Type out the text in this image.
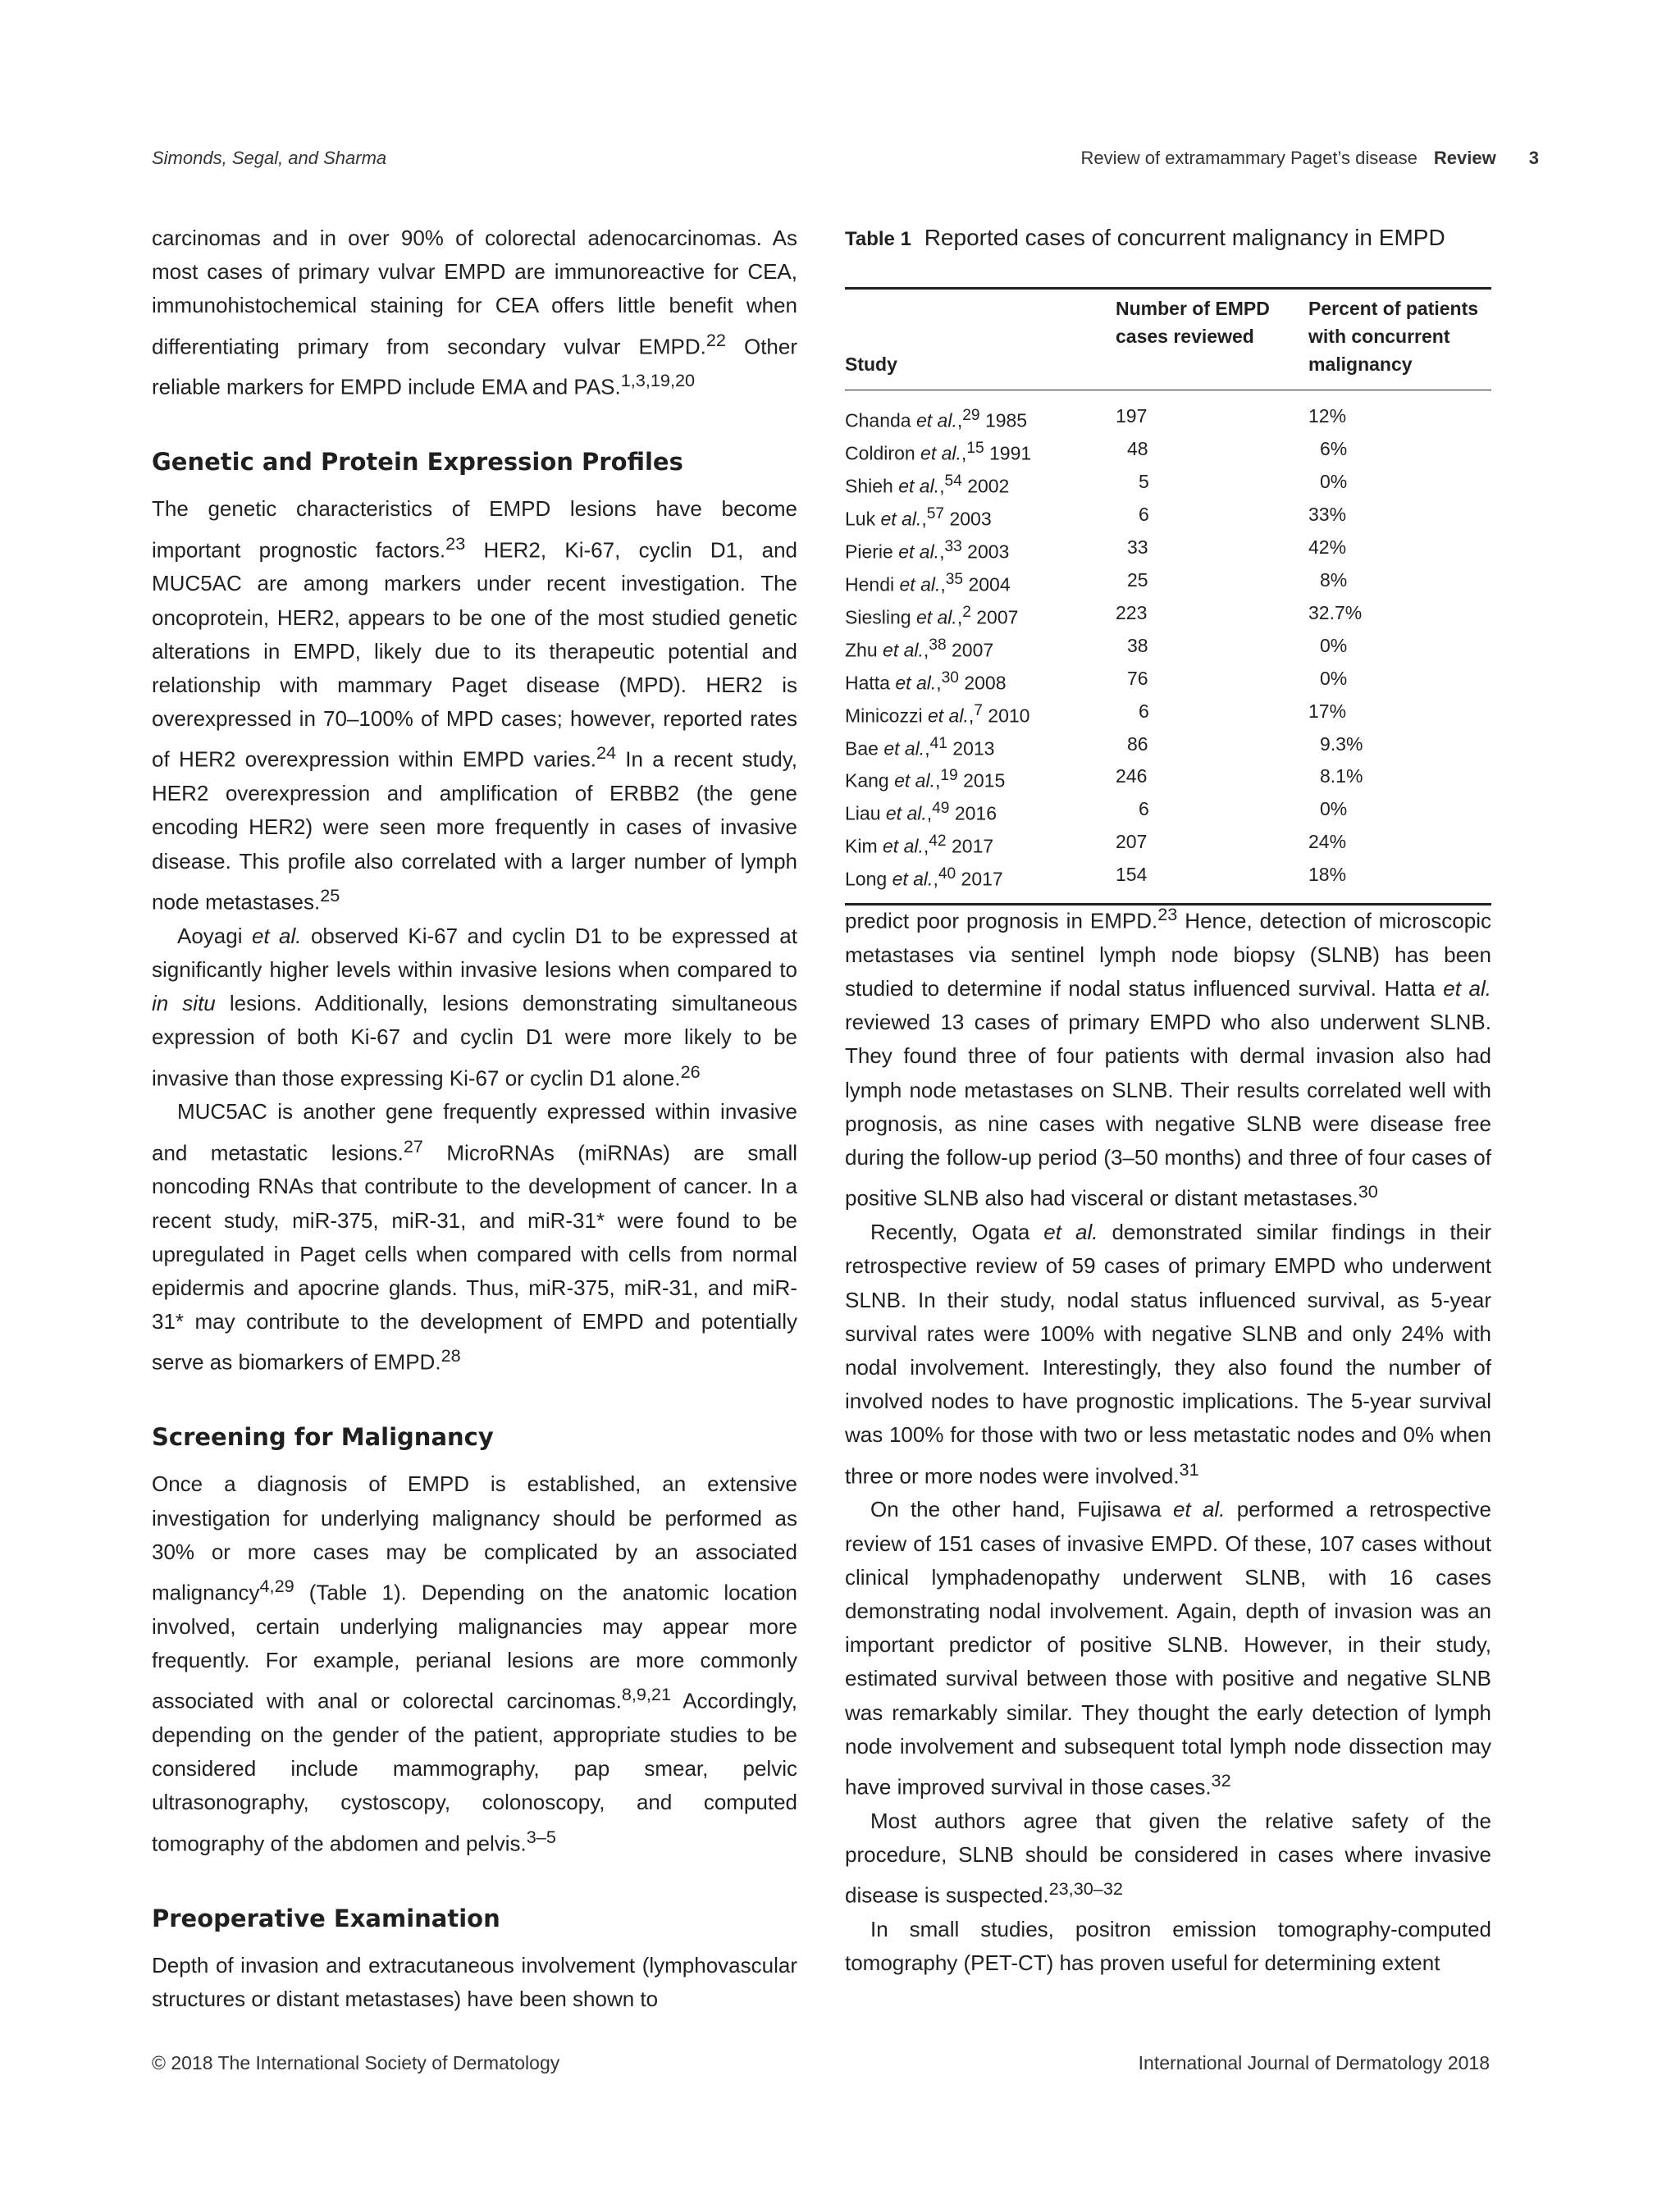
Simonds, Segal, and Sharma	Review of extramammary Paget’s disease Review 3

carcinomas and in over 90% of colorectal adenocarcinomas. As most cases of primary vulvar EMPD are immunoreactive for CEA, immunohistochemical staining for CEA offers little benefit when differentiating primary from secondary vulvar EMPD.$^{22}$ Other reliable markers for EMPD include EMA and PAS.$^{1,3,19,20}$

Genetic and Protein Expression Profiles

The genetic characteristics of EMPD lesions have become important prognostic factors.$^{23}$ HER2, Ki-67, cyclin D1, and MUC5AC are among markers under recent investigation. The oncoprotein, HER2, appears to be one of the most studied genetic alterations in EMPD, likely due to its therapeutic potential and relationship with mammary Paget disease (MPD). HER2 is overexpressed in 70–100% of MPD cases; however, reported rates of HER2 overexpression within EMPD varies.$^{24}$ In a recent study, HER2 overexpression and amplification of ERBB2 (the gene encoding HER2) were seen more frequently in cases of invasive disease. This profile also correlated with a larger number of lymph node metastases.$^{25}$

Aoyagi et al. observed Ki-67 and cyclin D1 to be expressed at significantly higher levels within invasive lesions when compared to in situ lesions. Additionally, lesions demonstrating simultaneous expression of both Ki-67 and cyclin D1 were more likely to be invasive than those expressing Ki-67 or cyclin D1 alone.$^{26}$

MUC5AC is another gene frequently expressed within invasive and metastatic lesions.$^{27}$ MicroRNAs (miRNAs) are small noncoding RNAs that contribute to the development of cancer. In a recent study, miR-375, miR-31, and miR-31* were found to be upregulated in Paget cells when compared with cells from normal epidermis and apocrine glands. Thus, miR-375, miR-31, and miR-31* may contribute to the development of EMPD and potentially serve as biomarkers of EMPD.$^{28}$

Screening for Malignancy

Once a diagnosis of EMPD is established, an extensive investigation for underlying malignancy should be performed as 30% or more cases may be complicated by an associated malignancy$^{4,29}$ (Table 1). Depending on the anatomic location involved, certain underlying malignancies may appear more frequently. For example, perianal lesions are more commonly associated with anal or colorectal carcinomas.$^{8,9,21}$ Accordingly, depending on the gender of the patient, appropriate studies to be considered include mammography, pap smear, pelvic ultrasonography, cystoscopy, colonoscopy, and computed tomography of the abdomen and pelvis.$^{3-5}$

Preoperative Examination

Depth of invasion and extracutaneous involvement (lymphovascular structures or distant metastases) have been shown to

Table 1 Reported cases of concurrent malignancy in EMPD
Study
Number of EMPD cases reviewed
Percent of patients with concurrent malignancy
Chanda et al.,$^{29}$ 1985	197	12%
Coldiron et al.,$^{15}$ 1991	48	6%
Shieh et al.,$^{54}$ 2002	5	0%
Luk et al.,$^{57}$ 2003	6	33%
Pierie et al.,$^{33}$ 2003	33	42%
Hendi et al.,$^{35}$ 2004	25	8%
Siesling et al.,$^2$ 2007	223	32.7%
Zhu et al.,$^{38}$ 2007	38	0%
Hatta et al.,$^{30}$ 2008	76	0%
Minicozzi et al.,$^7$ 2010	6	17%
Bae et al.,$^{41}$ 2013	86	9.3%
Kang et al.,$^{19}$ 2015	246	8.1%
Liau et al.,$^{49}$ 2016	6	0%
Kim et al.,$^{42}$ 2017	207	24%
Long et al.,$^{40}$ 2017	154	18%

predict poor prognosis in EMPD.$^{23}$ Hence, detection of microscopic metastases via sentinel lymph node biopsy (SLNB) has been studied to determine if nodal status influenced survival. Hatta et al. reviewed 13 cases of primary EMPD who also underwent SLNB. They found three of four patients with dermal invasion also had lymph node metastases on SLNB. Their results correlated well with prognosis, as nine cases with negative SLNB were disease free during the follow-up period (3–50 months) and three of four cases of positive SLNB also had visceral or distant metastases.$^{30}$

Recently, Ogata et al. demonstrated similar findings in their retrospective review of 59 cases of primary EMPD who underwent SLNB. In their study, nodal status influenced survival, as 5-year survival rates were 100% with negative SLNB and only 24% with nodal involvement. Interestingly, they also found the number of involved nodes to have prognostic implications. The 5-year survival was 100% for those with two or less metastatic nodes and 0% when three or more nodes were involved.$^{31}$

On the other hand, Fujisawa et al. performed a retrospective review of 151 cases of invasive EMPD. Of these, 107 cases without clinical lymphadenopathy underwent SLNB, with 16 cases demonstrating nodal involvement. Again, depth of invasion was an important predictor of positive SLNB. However, in their study, estimated survival between those with positive and negative SLNB was remarkably similar. They thought the early detection of lymph node involvement and subsequent total lymph node dissection may have improved survival in those cases.$^{32}$

Most authors agree that given the relative safety of the procedure, SLNB should be considered in cases where invasive disease is suspected.$^{23,30-32}$

In small studies, positron emission tomography-computed tomography (PET-CT) has proven useful for determining extent

© 2018 The International Society of Dermatology	International Journal of Dermatology 2018
